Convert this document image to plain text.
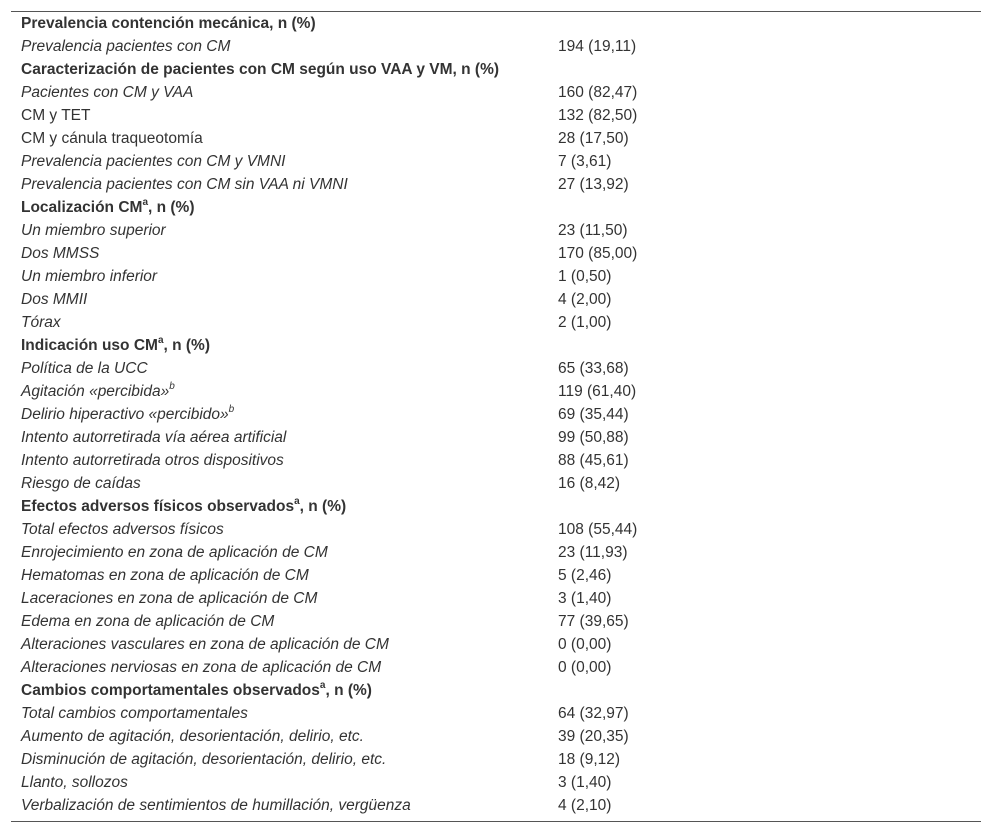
Prevalencia contención mecánica, n (%)	
Prevalencia pacientes con CM	194 (19,11)
Caracterización de pacientes con CM según uso VAA y VM, n (%)	
Pacientes con CM y VAA	160 (82,47)
CM y TET	132 (82,50)
CM y cánula traqueotomía	28 (17,50)
Prevalencia pacientes con CM y VMNI	7 (3,61)
Prevalencia pacientes con CM sin VAA ni VMNI	27 (13,92)
Localización $CM^a$, n (%)	
Un miembro superior	23 (11,50)
Dos MMSS	170 (85,00)
Un miembro inferior	1 (0,50)
Dos MMII	4 (2,00)
Tórax	2 (1,00)
Indicación uso $CM^a$, n (%)	
Política de la UCC	65 (33,68)
Agitación «percibida»$^b$	119 (61,40)
Delirio hiperactivo «percibido»$^b$	69 (35,44)
Intento autorretirada vía aérea artificial	99 (50,88)
Intento autorretirada otros dispositivos	88 (45,61)
Riesgo de caídas	16 (8,42)
Efectos adversos físicos observados$^a$, n (%)	
Total efectos adversos físicos	108 (55,44)
Enrojecimiento en zona de aplicación de CM	23 (11,93)
Hematomas en zona de aplicación de CM	5 (2,46)
Laceraciones en zona de aplicación de CM	3 (1,40)
Edema en zona de aplicación de CM	77 (39,65)
Alteraciones vasculares en zona de aplicación de CM	0 (0,00)
Alteraciones nerviosas en zona de aplicación de CM	0 (0,00)
Cambios comportamentales observados$^a$, n (%)	
Total cambios comportamentales	64 (32,97)
Aumento de agitación, desorientación, delirio, etc.	39 (20,35)
Disminución de agitación, desorientación, delirio, etc.	18 (9,12)
Llanto, sollozos	3 (1,40)
Verbalización de sentimientos de humillación, vergüenza	4 (2,10)
